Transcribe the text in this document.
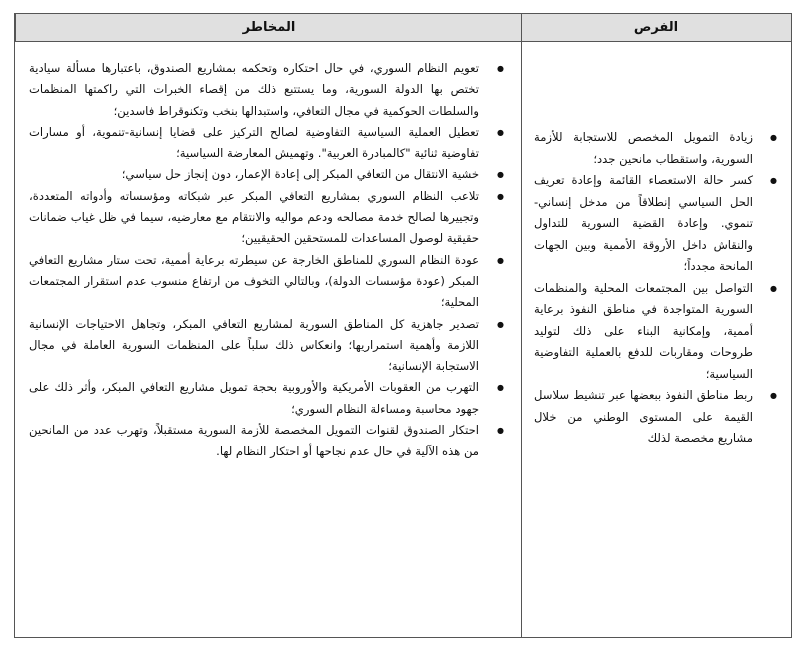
الفرص
المخاطر
● زيادة التمويل المخصص للاستجابة للأزمة السورية، واستقطاب مانحين جدد؛
● كسر حالة الاستعصاء القائمة وإعادة تعريف الحل السياسي إنطلاقاً من مدخل إنساني-تنموي. وإعادة القضية السورية للتداول والنقاش داخل الأروقة الأممية وبين الجهات المانحة مجدداً؛
● التواصل بين المجتمعات المحلية والمنظمات السورية المتواجدة في مناطق النفوذ برعاية أممية، وإمكانية البناء على ذلك لتوليد طروحات ومقاربات للدفع بالعملية التفاوضية السياسية؛
● ربط مناطق النفوذ ببعضها عبر تنشيط سلاسل القيمة على المستوى الوطني من خلال مشاريع مخصصة لذلك
● تعويم النظام السوري، في حال احتكاره وتحكمه بمشاريع الصندوق، باعتبارها مسألة سيادية تختص بها الدولة السورية، وما يستتبع ذلك من إقصاء الخبرات التي راكمتها المنظمات والسلطات الحوكمية في مجال التعافي، واستبدالها بنخب وتكنوقراط فاسدين؛
● تعطيل العملية السياسية التفاوضية لصالح التركيز على قضايا إنسانية-تنموية، أو مسارات تفاوضية ثنائية "كالمبادرة العربية". وتهميش المعارضة السياسية؛
● خشية الانتقال من التعافي المبكر إلى إعادة الإعمار، دون إنجاز حل سياسي؛
● تلاعب النظام السوري بمشاريع التعافي المبكر عبر شبكاته ومؤسساته وأدواته المتعددة، وتجييرها لصالح خدمة مصالحه ودعم مواليه والانتقام مع معارضيه، سيما في ظل غياب ضمانات حقيقية لوصول المساعدات للمستحقين الحقيقيين؛
● عودة النظام السوري للمناطق الخارجة عن سيطرته برعاية أممية، تحت ستار مشاريع التعافي المبكر (عودة مؤسسات الدولة)، وبالتالي التخوف من ارتفاع منسوب عدم استقرار المجتمعات المحلية؛
● تصدير جاهزية كل المناطق السورية لمشاريع التعافي المبكر، وتجاهل الاحتياجات الإنسانية اللازمة وأهمية استمراريها؛ وانعكاس ذلك سلباً على المنظمات السورية العاملة في مجال الاستجابة الإنسانية؛
● التهرب من العقوبات الأمريكية والأوروبية بحجة تمويل مشاريع التعافي المبكر، وأثر ذلك على جهود محاسبة ومساءلة النظام السوري؛
● احتكار الصندوق لقنوات التمويل المخصصة للأزمة السورية مستقبلاً، وتهرب عدد من المانحين من هذه الآلية في حال عدم نجاحها أو احتكار النظام لها.
